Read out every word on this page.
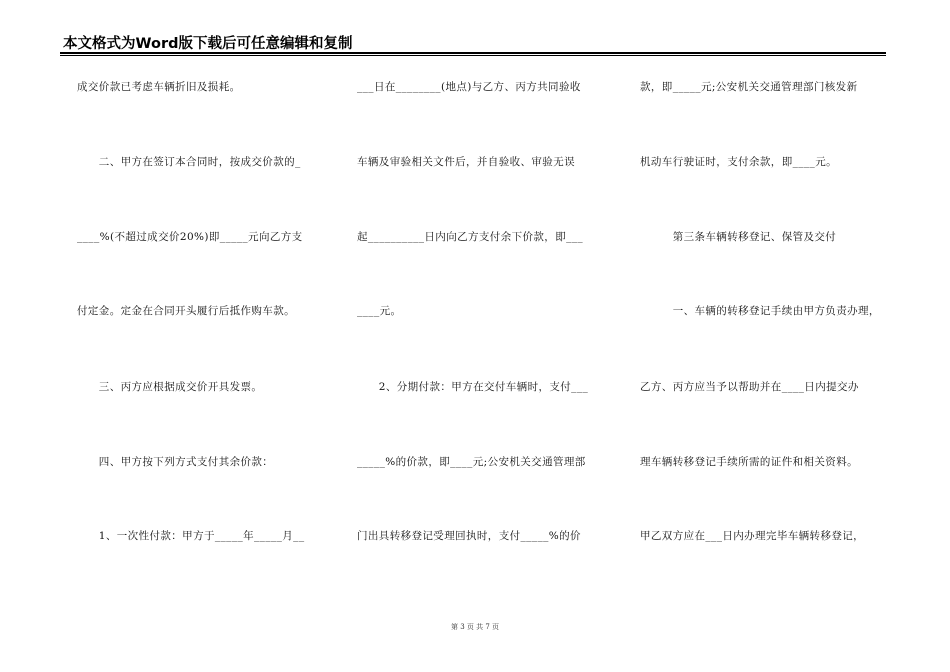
本文格式为Word版下载后可任意编辑和复制
成交价款已考虑车辆折旧及损耗。
　　二、甲方在签订本合同时，按成交价款的_
____%(不超过成交价20%)即_____元向乙方支
付定金。定金在合同开头履行后抵作购车款。
　　三、丙方应根据成交价开具发票。
　　四、甲方按下列方式支付其余价款：
　　1、一次性付款：甲方于_____年_____月__
___日在________(地点)与乙方、丙方共同验收
车辆及审验相关文件后，并自验收、审验无误
起__________日内向乙方支付余下价款，即___
____元。
　　2、分期付款：甲方在交付车辆时，支付___
_____%的价款，即____元;公安机关交通管理部
门出具转移登记受理回执时，支付_____%的价
款，即_____元;公安机关交通管理部门核发新
机动车行驶证时，支付余款，即____元。
　　　第三条车辆转移登记、保管及交付
　　　一、车辆的转移登记手续由甲方负责办理，
乙方、丙方应当予以帮助并在____日内提交办
理车辆转移登记手续所需的证件和相关资料。
甲乙双方应在___日内办理完毕车辆转移登记，
第 3 页 共 7 页
